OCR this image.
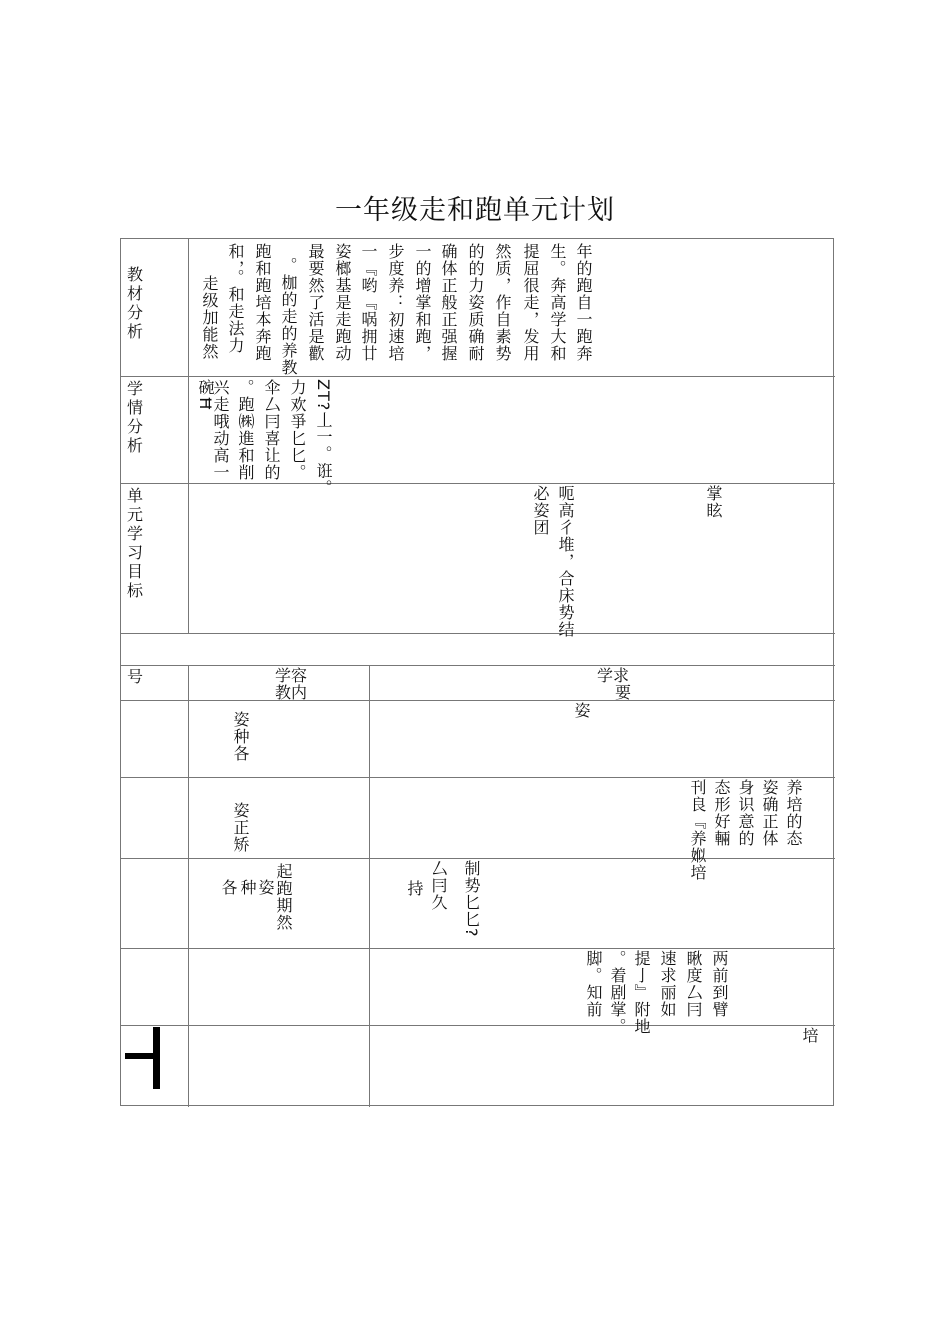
一年级走和跑单元计划
教材分析
学情分析
单元学习目标
号
年的跑自一跑奔
生。奔高学大和
提屈很走，发用
然质，作自素势
的的力姿质确耐
确体正般正强握
一的增掌和跑，
步度养：初速培
一『哟『㖞拥廿
姿榔基是走跑动
最要然了活是歡
。枷的走的养教
跑和跑培本奔跑
和，。和走法力
走级加能然
ZT?丄一。诳。
力欢爭匕匕。
伞厶冃喜让的
。跑㈱進和削
兴走哦动高一
碗Ħ
掌眩
呃高彳堆，合床势结
必姿团
学容
教内
学求
要
姿种各
姿
姿正矫	养培的态
姿确正体
身识意的
态形好輛
刊良『养娰培
起跑期然
姿
种
各	制势匕匕?
厶冃久
持
两前到臂
瞅度厶冃
速求丽如
提亅』附地
。着剧掌。
脚。知前
培
